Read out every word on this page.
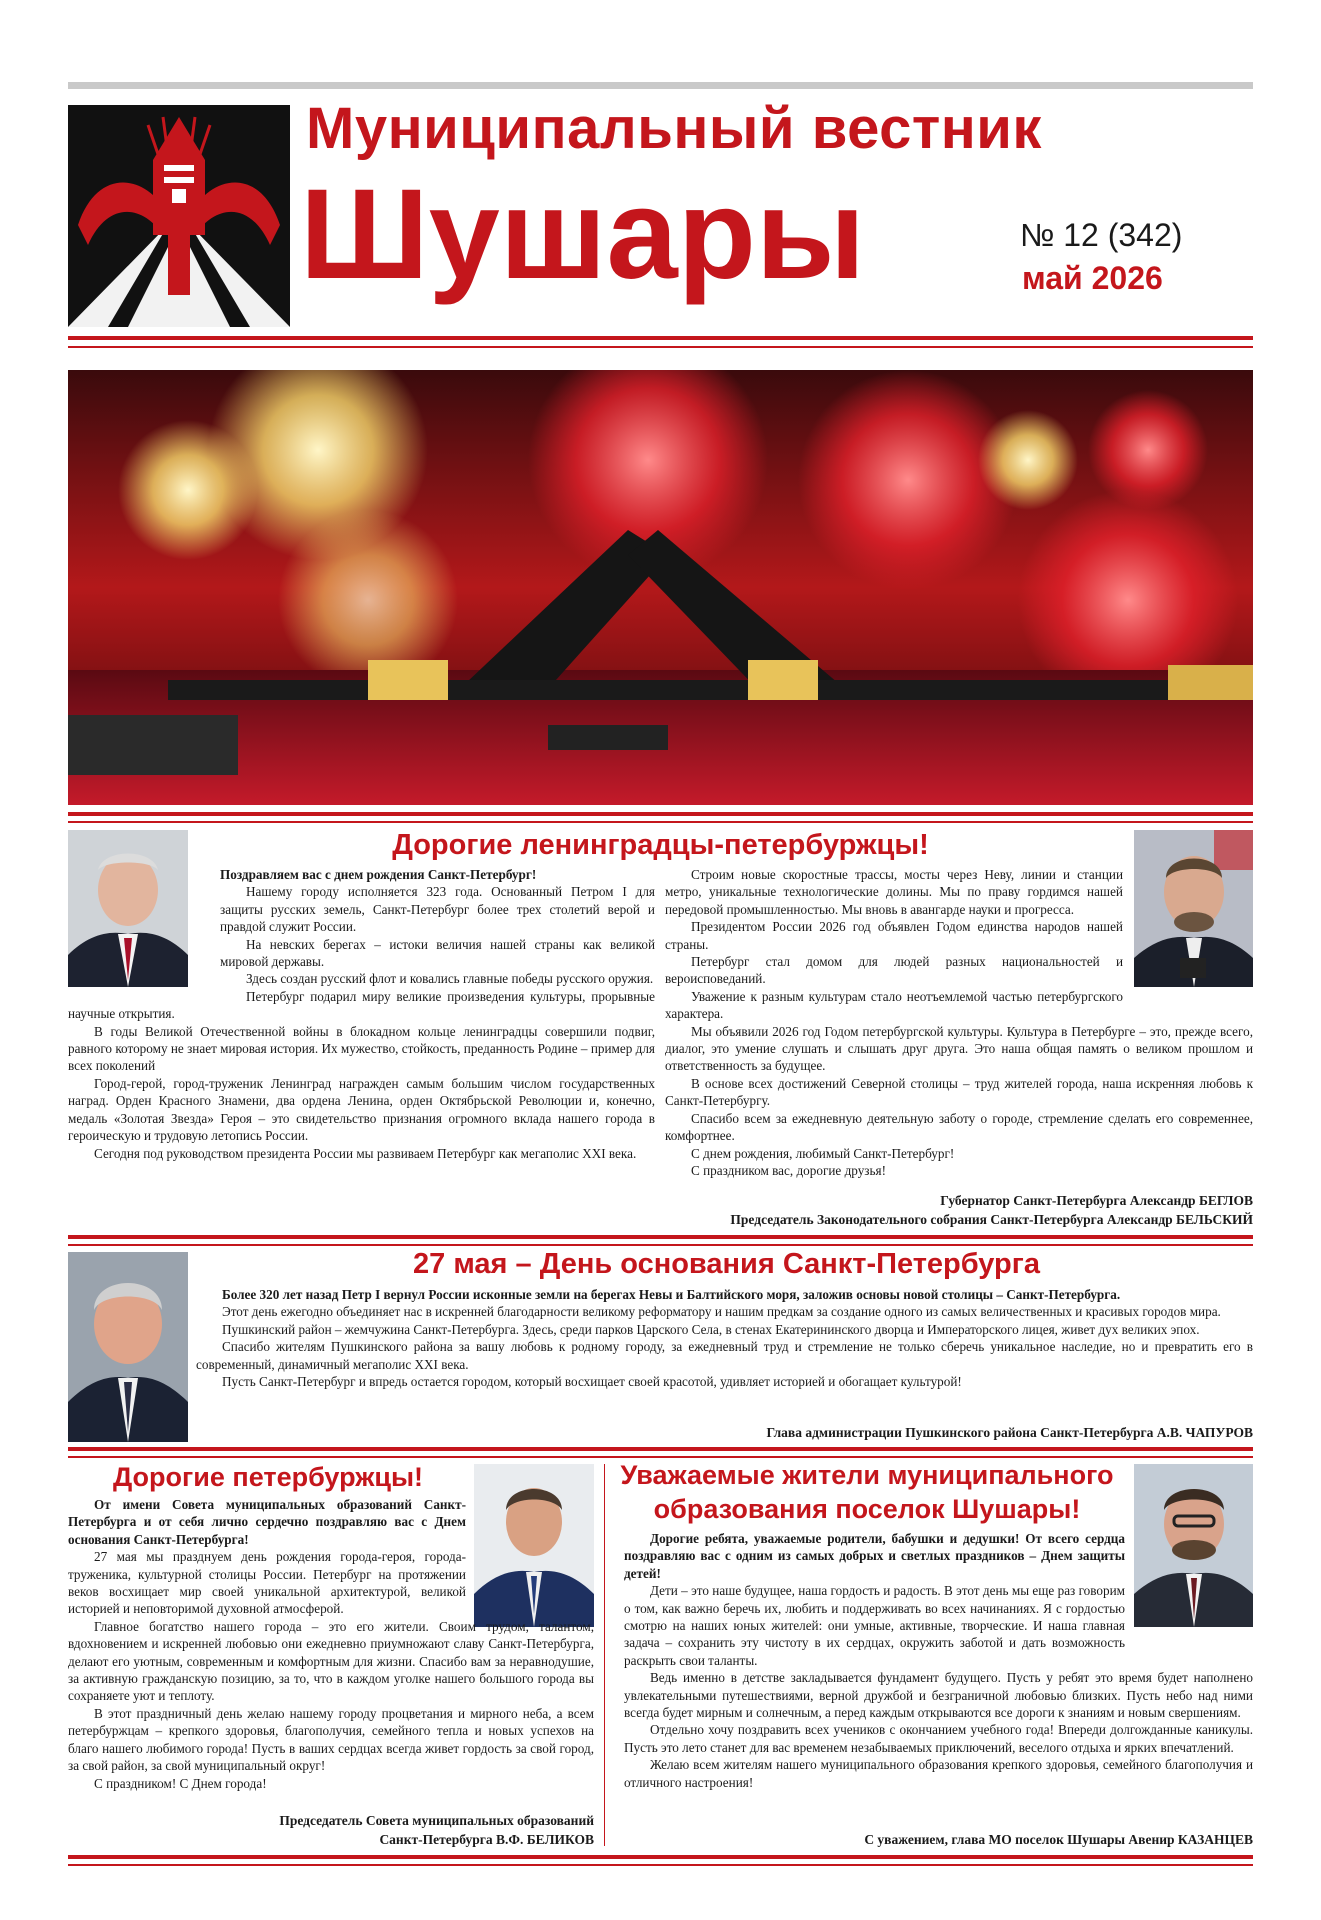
Муниципальный вестник
Шушары	№ 12 (342)
май 2026
Дорогие ленинградцы-петербуржцы!

Поздравляем вас с днем рождения Санкт-Петербург!

Нашему городу исполняется 323 года. Основанный Петром I для защиты русских земель, Санкт-Петербург более трех столетий верой и правдой служит России.

На невских берегах – истоки величия нашей страны как великой мировой державы.

Здесь создан русский флот и ковались главные победы русского оружия.

Петербург подарил миру великие произведения культуры, прорывные научные открытия.

В годы Великой Отечественной войны в блокадном кольце ленинградцы совершили подвиг, равного которому не знает мировая история. Их мужество, стойкость, преданность Родине – пример для всех поколений

Город-герой, город-труженик Ленинград награжден самым большим числом государственных наград. Орден Красного Знамени, два ордена Ленина, орден Октябрьской Революции и, конечно, медаль «Золотая Звезда» Героя – это свидетельство признания огромного вклада нашего города в героическую и трудовую летопись России.

Сегодня под руководством президента России мы развиваем Петербург как мегаполис XXI века.

Строим новые скоростные трассы, мосты через Неву, линии и станции метро, уникальные технологические долины. Мы по праву гордимся нашей передовой промышленностью. Мы вновь в авангарде науки и прогресса.

Президентом России 2026 год объявлен Годом единства народов нашей страны.

Петербург стал домом для людей разных национальностей и вероисповеданий.

Уважение к разным культурам стало неотъемлемой частью петербургского характера.

Мы объявили 2026 год Годом петербургской культуры. Культура в Петербурге – это, прежде всего, диалог, это умение слушать и слышать друг друга. Это наша общая память о великом прошлом и ответственность за будущее.

В основе всех достижений Северной столицы – труд жителей города, наша искренняя любовь к Санкт-Петербургу.

Спасибо всем за ежедневную деятельную заботу о городе, стремление сделать его современнее, комфортнее.

С днем рождения, любимый Санкт-Петербург!

С праздником вас, дорогие друзья!

Губернатор Санкт-Петербурга Александр БЕГЛОВ
Председатель Законодательного собрания Санкт-Петербурга Александр БЕЛЬСКИЙ
27 мая – День основания Санкт-Петербурга

Более 320 лет назад Петр I вернул России исконные земли на берегах Невы и Балтийского моря, заложив основы новой столицы – Санкт-Петербурга.

Этот день ежегодно объединяет нас в искренней благодарности великому реформатору и нашим предкам за создание одного из самых величественных и красивых городов мира.

Пушкинский район – жемчужина Санкт-Петербурга. Здесь, среди парков Царского Села, в стенах Екатерининского дворца и Императорского лицея, живет дух великих эпох.

Спасибо жителям Пушкинского района за вашу любовь к родному городу, за ежедневный труд и стремление не только сберечь уникальное наследие, но и превратить его в современный, динамичный мегаполис XXI века.

Пусть Санкт-Петербург и впредь остается городом, который восхищает своей красотой, удивляет историей и обогащает культурой!

Глава администрации Пушкинского района Санкт-Петербурга А.В. ЧАПУРОВ
Дорогие петербуржцы!

От имени Совета муниципальных образований Санкт-Петербурга и от себя лично сердечно поздравляю вас с Днем основания Санкт-Петербурга!

27 мая мы празднуем день рождения города-героя, города-труженика, культурной столицы России. Петербург на протяжении веков восхищает мир своей уникальной архитектурой, великой историей и неповторимой духовной атмосферой.

Главное богатство нашего города – это его жители. Своим трудом, талантом, вдохновением и искренней любовью они ежедневно приумножают славу Санкт-Петербурга, делают его уютным, современным и комфортным для жизни. Спасибо вам за неравнодушие, за активную гражданскую позицию, за то, что в каждом уголке нашего большого города вы сохраняете уют и теплоту.

В этот праздничный день желаю нашему городу процветания и мирного неба, а всем петербуржцам – крепкого здоровья, благополучия, семейного тепла и новых успехов на благо нашего любимого города! Пусть в ваших сердцах всегда живет гордость за свой город, за свой район, за свой муниципальный округ!

С праздником! С Днем города!

Председатель Совета муниципальных образований
Санкт-Петербурга В.Ф. БЕЛИКОВ
Уважаемые жители муниципального
образования поселок Шушары!

Дорогие ребята, уважаемые родители, бабушки и дедушки! От всего сердца поздравляю вас с одним из самых добрых и светлых праздников – Днем защиты детей!

Дети – это наше будущее, наша гордость и радость. В этот день мы еще раз говорим о том, как важно беречь их, любить и поддерживать во всех начинаниях. Я с гордостью смотрю на наших юных жителей: они умные, активные, творческие. И наша главная задача – сохранить эту чистоту в их сердцах, окружить заботой и дать возможность раскрыть свои таланты.

Ведь именно в детстве закладывается фундамент будущего. Пусть у ребят это время будет наполнено увлекательными путешествиями, верной дружбой и безграничной любовью близких. Пусть небо над ними всегда будет мирным и солнечным, а перед каждым открываются все дороги к знаниям и новым свершениям.

Отдельно хочу поздравить всех учеников с окончанием учебного года! Впереди долгожданные каникулы. Пусть это лето станет для вас временем незабываемых приключений, веселого отдыха и ярких впечатлений.

Желаю всем жителям нашего муниципального образования крепкого здоровья, семейного благополучия и отличного настроения!

С уважением, глава МО поселок Шушары Авенир КАЗАНЦЕВ
